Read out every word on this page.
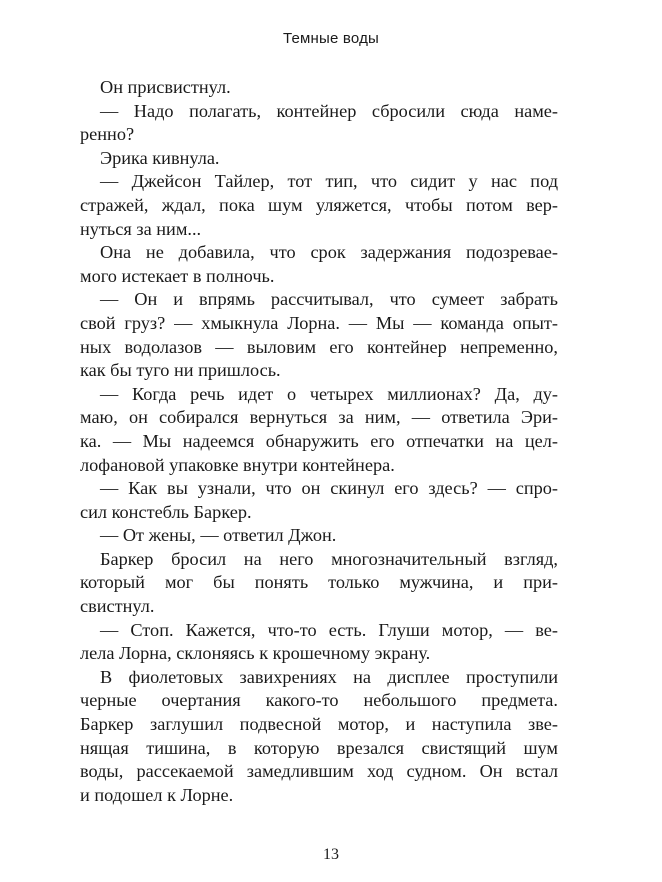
Темные воды
Он присвистнул.
— Надо полагать, контейнер сбросили сюда наме-
ренно?
Эрика кивнула.
— Джейсон Тайлер, тот тип, что сидит у нас под
стражей, ждал, пока шум уляжется, чтобы потом вер-
нуться за ним...
Она не добавила, что срок задержания подозревае-
мого истекает в полночь.
— Он и впрямь рассчитывал, что сумеет забрать
свой груз? — хмыкнула Лорна. — Мы — команда опыт-
ных водолазов — выловим его контейнер непременно,
как бы туго ни пришлось.
— Когда речь идет о четырех миллионах? Да, ду-
маю, он собирался вернуться за ним, — ответила Эри-
ка. — Мы надеемся обнаружить его отпечатки на цел-
лофановой упаковке внутри контейнера.
— Как вы узнали, что он скинул его здесь? — спро-
сил констебль Баркер.
— От жены, — ответил Джон.
Баркер бросил на него многозначительный взгляд,
который мог бы понять только мужчина, и при-
свистнул.
— Стоп. Кажется, что-то есть. Глуши мотор, — ве-
лела Лорна, склоняясь к крошечному экрану.
В фиолетовых завихрениях на дисплее проступили
черные очертания какого-то небольшого предмета.
Баркер заглушил подвесной мотор, и наступила зве-
нящая тишина, в которую врезался свистящий шум
воды, рассекаемой замедлившим ход судном. Он встал
и подошел к Лорне.
13
